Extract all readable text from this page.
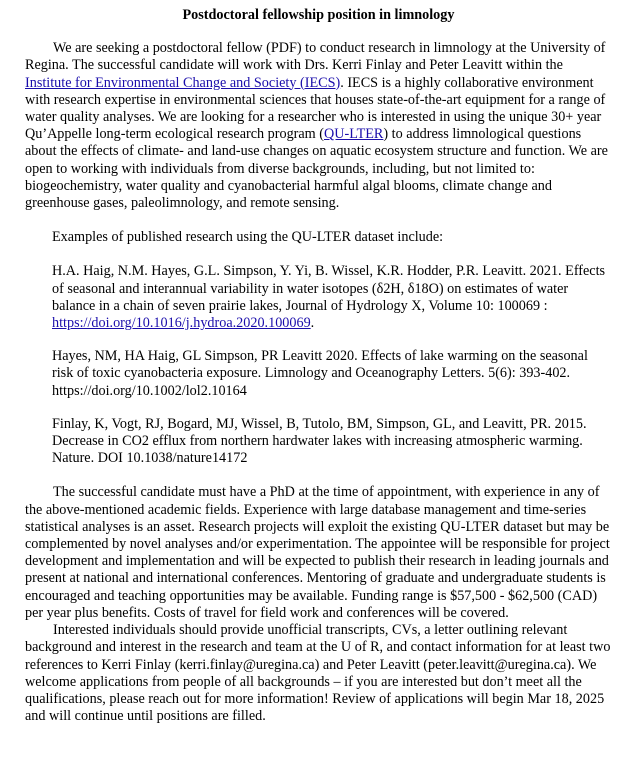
Postdoctoral fellowship position in limnology

We are seeking a postdoctoral fellow (PDF) to conduct research in limnology at the University of Regina. The successful candidate will work with Drs. Kerri Finlay and Peter Leavitt within the Institute for Environmental Change and Society (IECS). IECS is a highly collaborative environment with research expertise in environmental sciences that houses state-of-the-art equipment for a range of water quality analyses. We are looking for a researcher who is interested in using the unique 30+ year Qu’Appelle long-term ecological research program (QU-LTER) to address limnological questions about the effects of climate- and land-use changes on aquatic ecosystem structure and function. We are open to working with individuals from diverse backgrounds, including, but not limited to: biogeochemistry, water quality and cyanobacterial harmful algal blooms, climate change and greenhouse gases, paleolimnology, and remote sensing.

Examples of published research using the QU-LTER dataset include:

H.A. Haig, N.M. Hayes, G.L. Simpson, Y. Yi, B. Wissel, K.R. Hodder, P.R. Leavitt. 2021. Effects of seasonal and interannual variability in water isotopes (δ2H, δ18O) on estimates of water balance in a chain of seven prairie lakes, Journal of Hydrology X, Volume 10: 100069 : https://doi.org/10.1016/j.hydroa.2020.100069.

Hayes, NM, HA Haig, GL Simpson, PR Leavitt 2020. Effects of lake warming on the seasonal risk of toxic cyanobacteria exposure. Limnology and Oceanography Letters. 5(6): 393-402. https://doi.org/10.1002/lol2.10164

Finlay, K, Vogt, RJ, Bogard, MJ, Wissel, B, Tutolo, BM, Simpson, GL, and Leavitt, PR. 2015. Decrease in CO2 efflux from northern hardwater lakes with increasing atmospheric warming. Nature. DOI 10.1038/nature14172

The successful candidate must have a PhD at the time of appointment, with experience in any of the above-mentioned academic fields. Experience with large database management and time-series statistical analyses is an asset. Research projects will exploit the existing QU-LTER dataset but may be complemented by novel analyses and/or experimentation. The appointee will be responsible for project development and implementation and will be expected to publish their research in leading journals and present at national and international conferences. Mentoring of graduate and undergraduate students is encouraged and teaching opportunities may be available. Funding range is $57,500 - $62,500 (CAD) per year plus benefits. Costs of travel for field work and conferences will be covered.

Interested individuals should provide unofficial transcripts, CVs, a letter outlining relevant background and interest in the research and team at the U of R, and contact information for at least two references to Kerri Finlay (kerri.finlay@uregina.ca) and Peter Leavitt (peter.leavitt@uregina.ca). We welcome applications from people of all backgrounds – if you are interested but don’t meet all the qualifications, please reach out for more information! Review of applications will begin Mar 18, 2025 and will continue until positions are filled.
